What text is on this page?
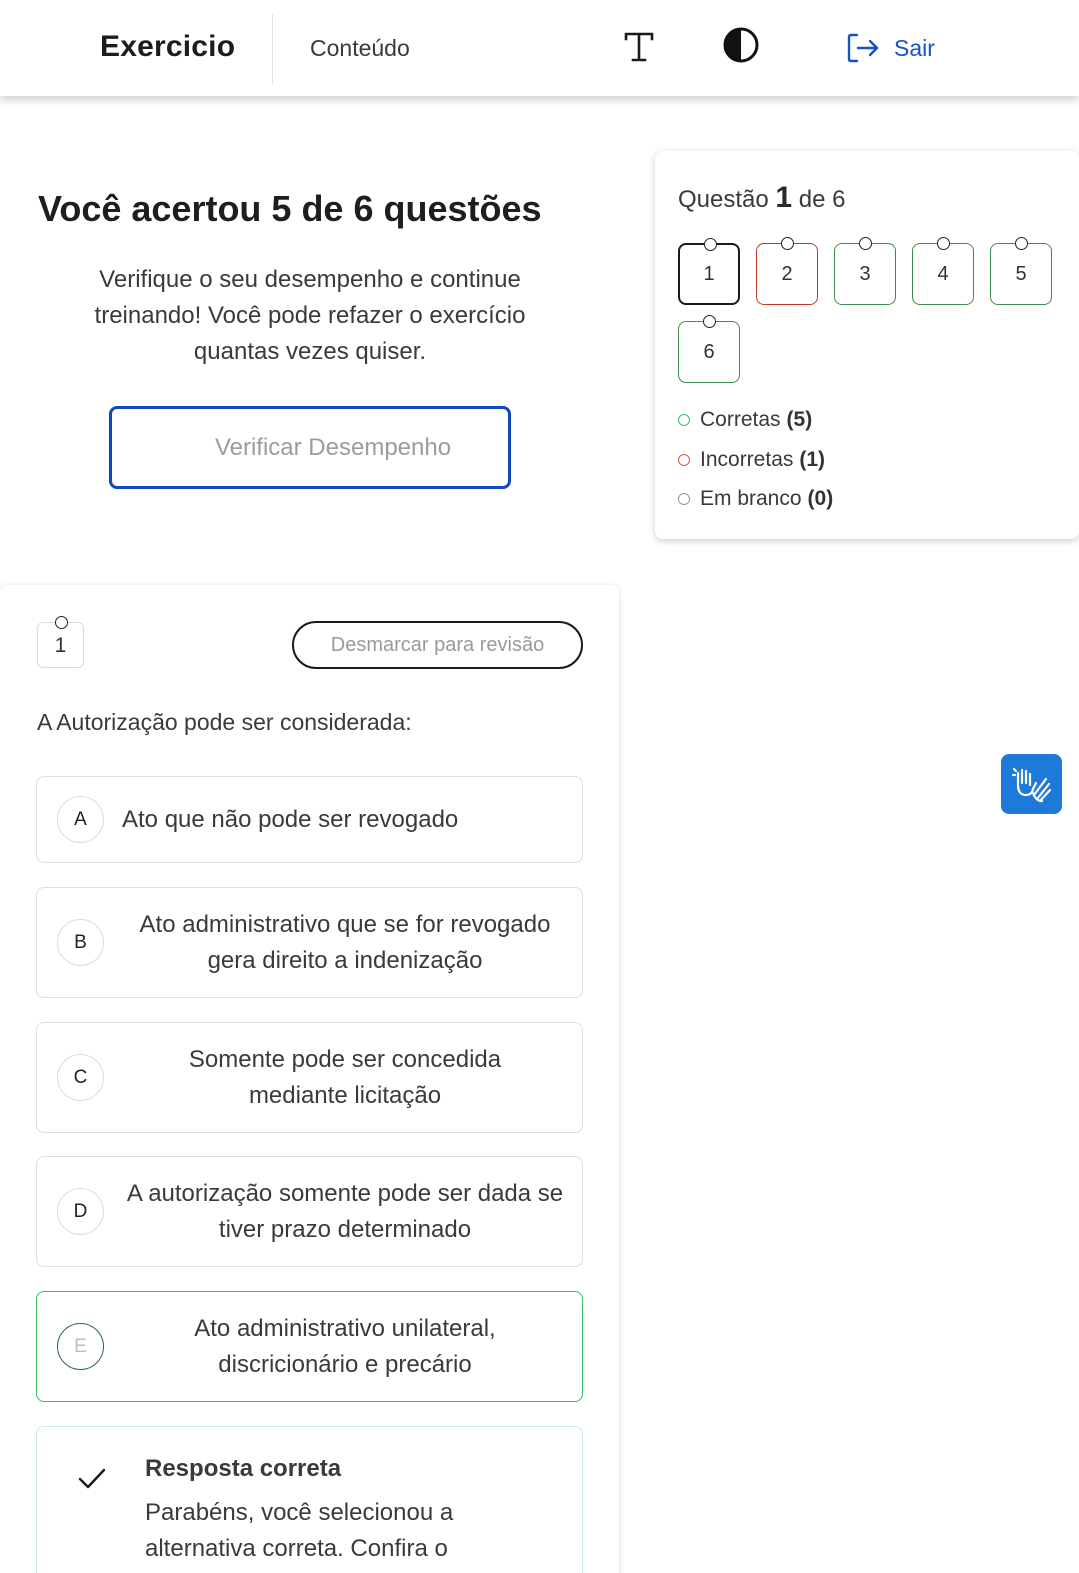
Exercicio	Conteúdo	Sair
Você acertou 5 de 6 questões
Verifique o seu desempenho e continue treinando! Você pode refazer o exercício quantas vezes quiser.
Verificar Desempenho
Questão 1 de 6
1	2	3	4	5
6
Corretas (5)
Incorretas (1)
Em branco (0)
1	Desmarcar para revisão
A Autorização pode ser considerada:
A	Ato que não pode ser revogado
B
Ato administrativo que se for revogado gera direito a indenização
C
Somente pode ser concedida mediante licitação
D
A autorização somente pode ser dada se tiver prazo determinado
E
Ato administrativo unilateral, discricionário e precário
Resposta correta
Parabéns, você selecionou a alternativa correta. Confira o
